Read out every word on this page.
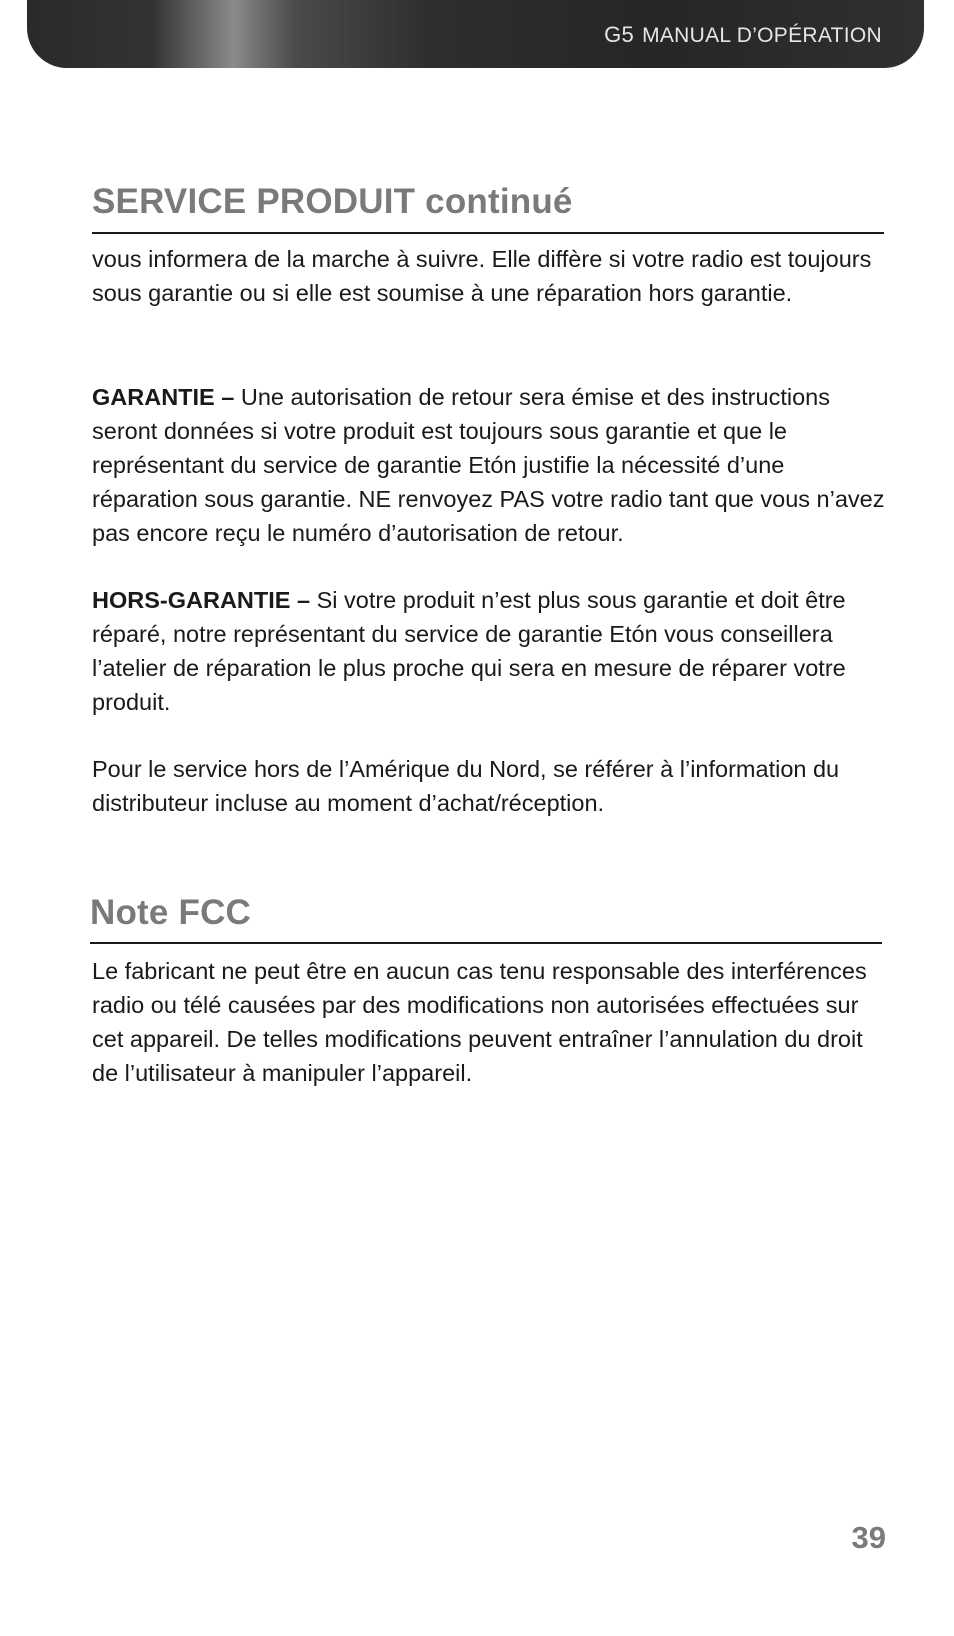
G5 MANUAL D’OPÉRATION
SERVICE PRODUIT continué

vous informera de la marche à suivre. Elle diffère si votre radio est toujours sous garantie ou si elle est soumise à une réparation hors garantie.

GARANTIE – Une autorisation de retour sera émise et des instructions seront données si votre produit est toujours sous garantie et que le représentant du service de garantie Etón justifie la nécessité d’une réparation sous garantie. NE renvoyez PAS votre radio tant que vous n’avez pas encore reçu le numéro d’autorisation de retour.

HORS-GARANTIE – Si votre produit n’est plus sous garantie et doit être réparé, notre représentant du service de garantie Etón vous conseillera l’atelier de réparation le plus proche qui sera en mesure de réparer votre produit.

Pour le service hors de l’Amérique du Nord, se référer à l’information du distributeur incluse au moment d’achat/réception.

Note FCC

Le fabricant ne peut être en aucun cas tenu responsable des interférences radio ou télé causées par des modifications non autorisées effectuées sur cet appareil. De telles modifications peuvent entraîner l’annulation du droit de l’utilisateur à manipuler l’appareil.

39
